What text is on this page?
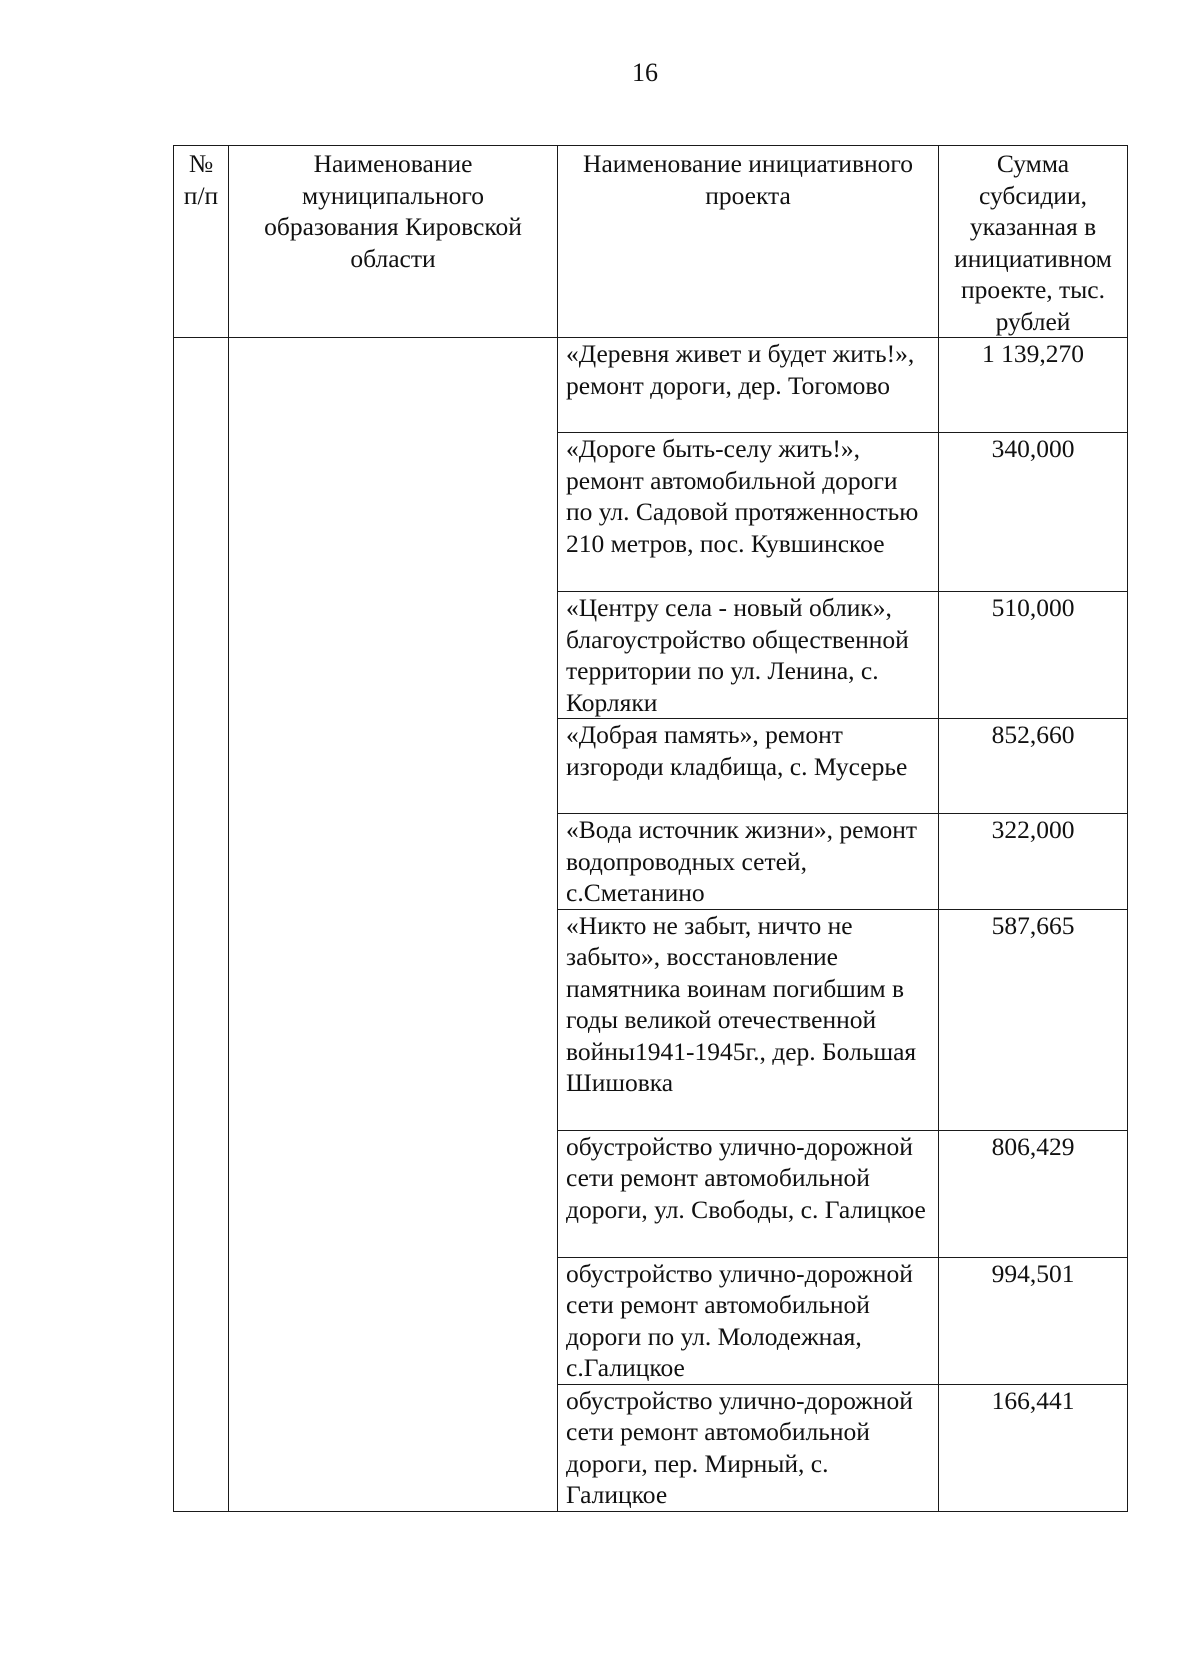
16
№ п/п	Наименование муниципального образования Кировской области	Наименование инициативного проекта	Сумма субсидии, указанная в инициативном проекте, тыс. рублей
		«Деревня живет и будет жить!», ремонт дороги, дер. Тогомово	1 139,270
		«Дороге быть-селу жить!», ремонт автомобильной дороги по ул. Садовой протяженностью 210 метров, пос. Кувшинское	340,000
		«Центру села - новый облик», благоустройство общественной территории по ул. Ленина, с. Корляки	510,000
		«Добрая память», ремонт изгороди кладбища, с. Мусерье	852,660
		«Вода источник жизни», ремонт водопроводных сетей, с.Сметанино	322,000
		«Никто не забыт, ничто не забыто», восстановление памятника воинам погибшим в годы великой отечественной войны1941-1945г., дер. Большая Шишовка	587,665
		обустройство улично-дорожной сети ремонт автомобильной дороги, ул. Свободы, с. Галицкое	806,429
		обустройство улично-дорожной сети ремонт автомобильной дороги по ул. Молодежная, с.Галицкое	994,501
		обустройство улично-дорожной сети ремонт автомобильной дороги, пер. Мирный, с. Галицкое	166,441
